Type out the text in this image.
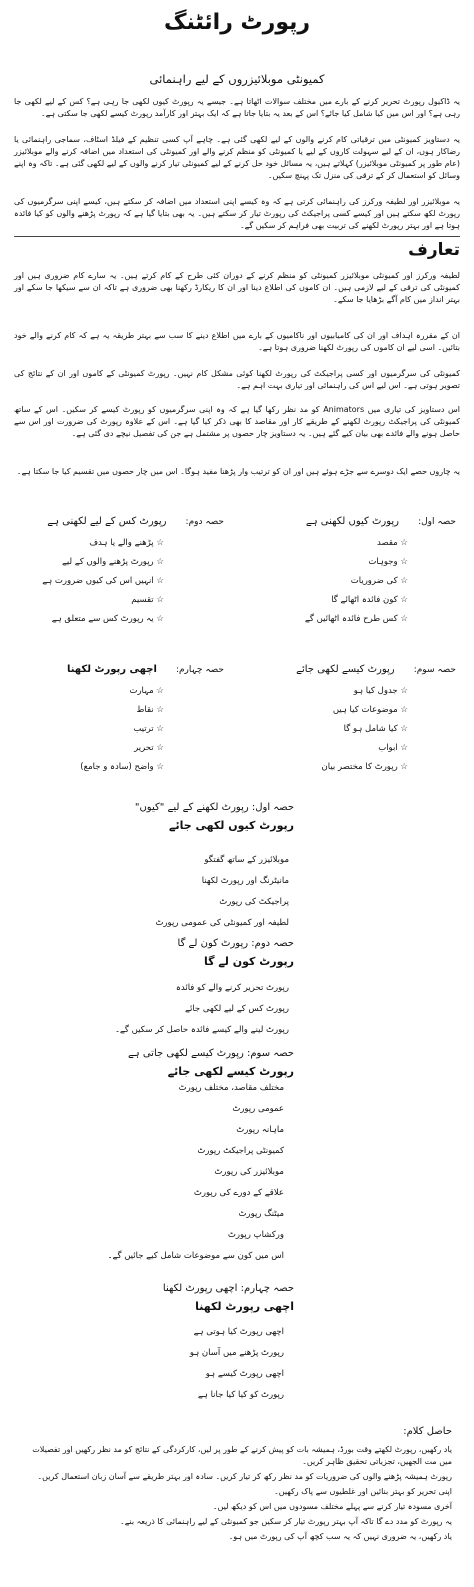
رپورٹ رائٹنگ
کمیونٹی موبلائیزروں کے لیے راہنمائی

یہ ڈاکیول رپورٹ تحریر کرنے کے بارے میں مختلف سوالات اٹھاتا ہے۔ جیسے یہ رپورٹ کیوں لکھی جا رہی ہے؟ کس کے لیے لکھی جا رہی ہے؟ اور اس میں کیا شامل کیا جائے؟ اس کے بعد یہ بتایا جاتا ہے کہ ایک بہتر اور کارآمد رپورٹ کیسے لکھی جا سکتی ہے۔

یہ دستاویز کمیونٹی میں ترقیاتی کام کرنے والوں کے لیے لکھی گئی ہے۔ چاہے آپ کسی تنظیم کے فیلڈ اسٹاف، سماجی راہنمائی یا رضاکار ہوں، ان کے لیے سہولت کاروں کے لیے یا کمیونٹی کو منظم کرنے والے اور کمیونٹی کی استعداد میں اضافہ کرنے والے موبلائیزر (عام طور پر کمیونٹی موبلائیزر) کہلاتے ہیں، یہ مسائل خود حل کرنے کے لیے کمیونٹی تیار کرنے والوں کے لیے لکھی گئی ہے۔ تاکہ وہ اپنے وسائل کو استعمال کر کے ترقی کی منزل تک پہنچ سکیں۔

یہ موبلائیزر اور لطیفہ ورکرز کی راہنمائی کرتی ہے کہ وہ کیسے اپنی استعداد میں اضافہ کر سکتے ہیں، کیسے اپنی سرگرمیوں کی رپورٹ لکھ سکتے ہیں اور کیسے کسی پراجیکٹ کی رپورٹ تیار کر سکتے ہیں۔ یہ بھی بتایا گیا ہے کہ رپورٹ پڑھنے والوں کو کیا فائدہ ہوتا ہے اور بہتر رپورٹ لکھنے کی تربیت بھی فراہم کر سکیں گے۔

تعارف

لطیفہ ورکرز اور کمیونٹی موبلائیزر کمیونٹی کو منظم کرنے کے دوران کئی طرح کے کام کرتے ہیں۔ یہ سارے کام ضروری ہیں اور کمیونٹی کی ترقی کے لیے لازمی ہیں۔ ان کاموں کی اطلاع دینا اور ان کا ریکارڈ رکھنا بھی ضروری ہے تاکہ ان سے سیکھا جا سکے اور بہتر انداز میں کام آگے بڑھایا جا سکے۔

ان کے مقررہ اہداف اور ان کی کامیابیوں اور ناکامیوں کے بارے میں اطلاع دینے کا سب سے بہتر طریقہ یہ ہے کہ کام کرنے والے خود بتائیں۔ اسی لیے ان کاموں کی رپورٹ لکھنا ضروری ہوتا ہے۔

کمیونٹی کی سرگرمیوں اور کسی پراجیکٹ کی رپورٹ لکھنا کوئی مشکل کام نہیں۔ رپورٹ کمیونٹی کے کاموں اور ان کے نتائج کی تصویر ہوتی ہے۔ اس لیے اس کی راہنمائی اور تیاری بہت اہم ہے۔

اس دستاویز کی تیاری میں Animators کو مد نظر رکھا گیا ہے کہ وہ اپنی سرگرمیوں کو رپورٹ کیسے کر سکیں۔ اس کے ساتھ کمیونٹی کی پراجیکٹ رپورٹ لکھنے کے طریقے کار اور مقاصد کا بھی ذکر کیا گیا ہے۔ اس کے علاوہ رپورٹ کی ضرورت اور اس سے حاصل ہونے والے فائدے بھی بیان کیے گئے ہیں۔ یہ دستاویز چار حصوں پر مشتمل ہے جن کی تفصیل نیچے دی گئی ہے۔

یہ چاروں حصے ایک دوسرے سے جڑے ہوئے ہیں اور ان کو ترتیب وار پڑھنا مفید ہوگا۔ اس میں چار حصوں میں تقسیم کیا جا سکتا ہے۔

حصہ اول:      رپورٹ کیوں لکھنی ہے
☆ مقصد
☆ وجوہات
☆ کی ضروریات
☆ کون فائدہ اٹھائے گا
☆ کس طرح فائدہ اٹھائیں گے
حصہ دوم:      رپورٹ کس کے لیے لکھنی ہے
☆ پڑھنے والے یا ہدف
☆ رپورٹ پڑھنے والوں کے لیے
☆ انہیں اس کی کیوں ضرورت ہے
☆ تقسیم
☆ یہ رپورٹ کس سے متعلق ہے
حصہ سوم:      رپورٹ کیسے لکھی جائے
☆ جدول کیا ہو
☆ موضوعات کیا ہیں
☆ کیا شامل ہو گا
☆ ابواب
☆ رپورٹ کا مختصر بیان
حصہ چہارم:      اچھی رپورٹ لکھنا
☆ مہارت
☆ نقاط
☆ ترتیب
☆ تحریر
☆ واضح (سادہ و جامع)
حصہ اول: رپورٹ لکھنے کے لیے "کیوں"
رپورٹ کیوں لکھی جائے
موبلائیزر کے ساتھ گفتگو
مانیٹرنگ اور رپورٹ لکھنا
پراجیکٹ کی رپورٹ
لطیفہ اور کمیونٹی کی عمومی رپورٹ
حصہ دوم: رپورٹ کون لے گا
رپورٹ کون لے گا
رپورٹ تحریر کرنے والے کو فائدہ
رپورٹ کس کے لیے لکھی جائے
رپورٹ لینے والے کیسے فائدہ حاصل کر سکیں گے۔
حصہ سوم: رپورٹ کیسے لکھی جاتی ہے
رپورٹ کیسے لکھی جائے
مختلف مقاصد، مختلف رپورٹ
عمومی رپورٹ
ماہانہ رپورٹ
کمیونٹی پراجیکٹ رپورٹ
موبلائیزر کی رپورٹ
علاقے کے دورے کی رپورٹ
میٹنگ رپورٹ
ورکشاپ رپورٹ
اس میں کون سے موضوعات شامل کیے جائیں گے۔
حصہ چہارم: اچھی رپورٹ لکھنا
اچھی رپورٹ لکھنا
اچھی رپورٹ کیا ہوتی ہے
رپورٹ پڑھنے میں آسان ہو
اچھی رپورٹ کیسے ہو
رپورٹ کو کیا کیا جانا ہے
حاصل کلام:

یاد رکھیں، رپورٹ لکھتے وقت بورڈ، ہمیشہ بات کو پیش کرنے کے طور پر لیں، کارکردگی کے نتائج کو مد نظر رکھیں اور تفصیلات میں مت الجھیں، تجزیاتی تحقیق ظاہر کریں۔

رپورٹ ہمیشہ پڑھنے والوں کی ضروریات کو مد نظر رکھ کر تیار کریں۔ سادہ اور بہتر طریقے سے آسان زبان استعمال کریں۔

اپنی تحریر کو بہتر بنائیں اور غلطیوں سے پاک رکھیں۔

آخری مسودہ تیار کرنے سے پہلے مختلف مسودوں میں اس کو دیکھ لیں۔

یہ رپورٹ کو مدد دے گا تاکہ آپ بہتر رپورٹ تیار کر سکیں جو کمیونٹی کے لیے راہنمائی کا ذریعہ بنے۔

یاد رکھیں، یہ ضروری نہیں کہ یہ سب کچھ آپ کی رپورٹ میں ہو۔
